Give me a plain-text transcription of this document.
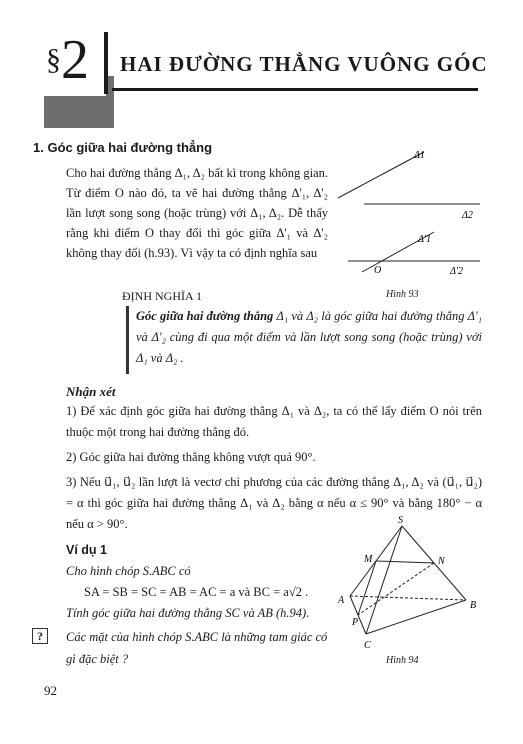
§2 HAI ĐƯỜNG THẲNG VUÔNG GÓC
1. Góc giữa hai đường thẳng
Cho hai đường thẳng Δ₁, Δ₂ bất kì trong không gian. Từ điểm O nào đó, ta vẽ hai đường thẳng Δ'₁, Δ'₂ lần lượt song song (hoặc trùng) với Δ₁, Δ₂. Dễ thấy rằng khi điểm O thay đổi thì góc giữa Δ'₁ và Δ'₂ không thay đổi (h.93). Vì vậy ta có định nghĩa sau
Δ1
Δ2
Δ'1
Δ'2
O
Hình 93
ĐỊNH NGHĨA 1
Góc giữa hai đường thẳng Δ₁ và Δ₂ là góc giữa hai đường thẳng Δ'₁ và Δ'₂ cùng đi qua một điểm và lần lượt song song (hoặc trùng) với Δ₁ và Δ₂ .
Nhận xét

1) Để xác định góc giữa hai đường thẳng Δ₁ và Δ₂, ta có thể lấy điểm O nói trên thuộc một trong hai đường thẳng đó.

2) Góc giữa hai đường thẳng không vượt quá 90°.

3) Nếu u⃗₁, u⃗₂ lần lượt là vectơ chỉ phương của các đường thẳng Δ₁, Δ₂ và (u⃗₁, u⃗₂) = α thì góc giữa hai đường thẳng Δ₁ và Δ₂ bằng α nếu α ≤ 90° và bằng 180° − α nếu α > 90°.

Ví dụ 1

Cho hình chóp S.ABC có

SA = SB = SC = AB = AC = a và BC = a√2 .

Tính góc giữa hai đường thẳng SC và AB (h.94).

?	Các mặt của hình chóp S.ABC là những tam giác có gì đặc biệt ?
S
M	N
A	B
P
C
Hình 94
92
